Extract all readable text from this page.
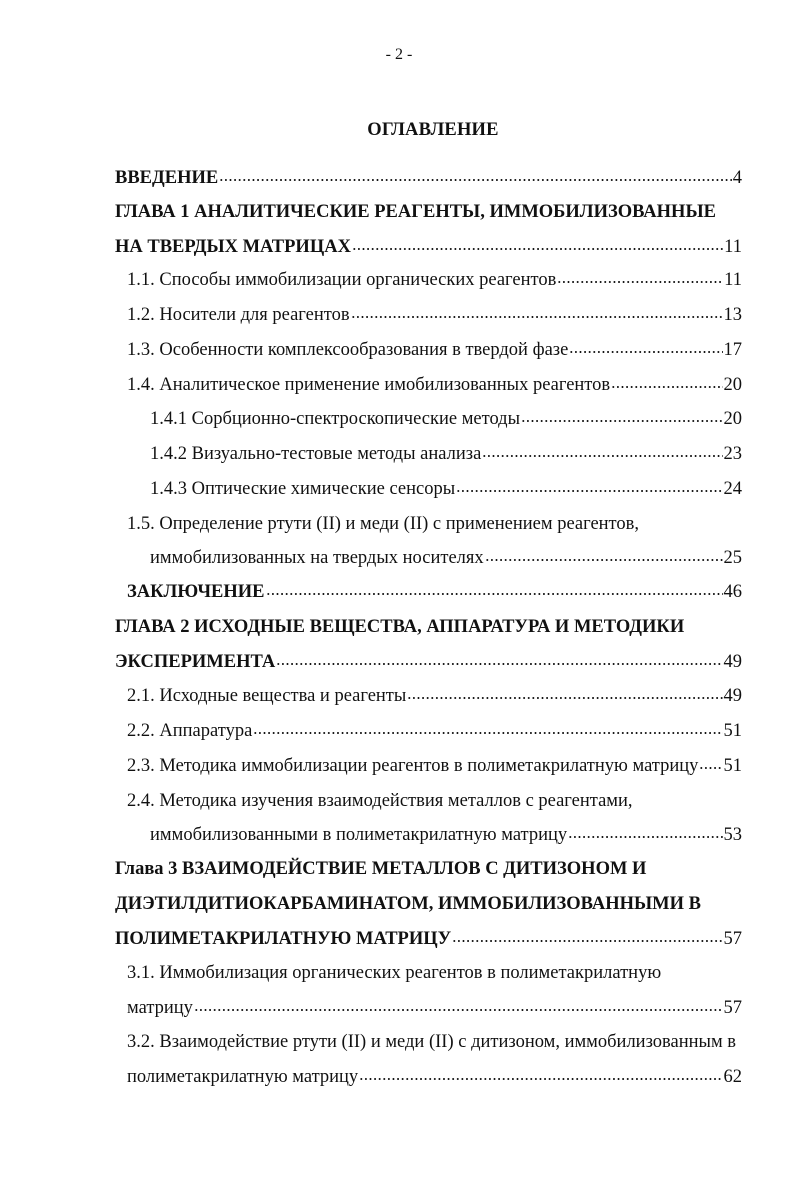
- 2 -
ОГЛАВЛЕНИЕ
ВВЕДЕНИЕ	4
ГЛАВА 1 АНАЛИТИЧЕСКИЕ РЕАГЕНТЫ, ИММОБИЛИЗОВАННЫЕ
НА ТВЕРДЫХ МАТРИЦАХ	11
1.1. Способы иммобилизации органических реагентов	11
1.2. Носители для реагентов	13
1.3. Особенности комплексообразования в твердой фазе	17
1.4. Аналитическое применение имобилизованных реагентов	20
1.4.1 Сорбционно-спектроскопические методы	20
1.4.2 Визуально-тестовые методы анализа	23
1.4.3 Оптические химические сенсоры	24
1.5. Определение ртути (II) и меди (II) с применением реагентов,
иммобилизованных на твердых носителях	25
ЗАКЛЮЧЕНИЕ	46
ГЛАВА 2 ИСХОДНЫЕ ВЕЩЕСТВА, АППАРАТУРА И МЕТОДИКИ
ЭКСПЕРИМЕНТА	49
2.1. Исходные вещества и реагенты	49
2.2. Аппаратура	51
2.3. Методика иммобилизации реагентов в полиметакрилатную матрицу 51
2.4. Методика изучения взаимодействия металлов с реагентами,
иммобилизованными в полиметакрилатную матрицу	53
Глава 3 ВЗАИМОДЕЙСТВИЕ МЕТАЛЛОВ С ДИТИЗОНОМ И
ДИЭТИЛДИТИОКАРБАМИНАТОМ, ИММОБИЛИЗОВАННЫМИ В
ПОЛИМЕТАКРИЛАТНУЮ МАТРИЦУ	57
3.1. Иммобилизация органических реагентов в полиметакрилатную
матрицу	57
3.2. Взаимодействие ртути (II) и меди (II) с дитизоном, иммобилизованным в
полиметакрилатную матрицу	62
